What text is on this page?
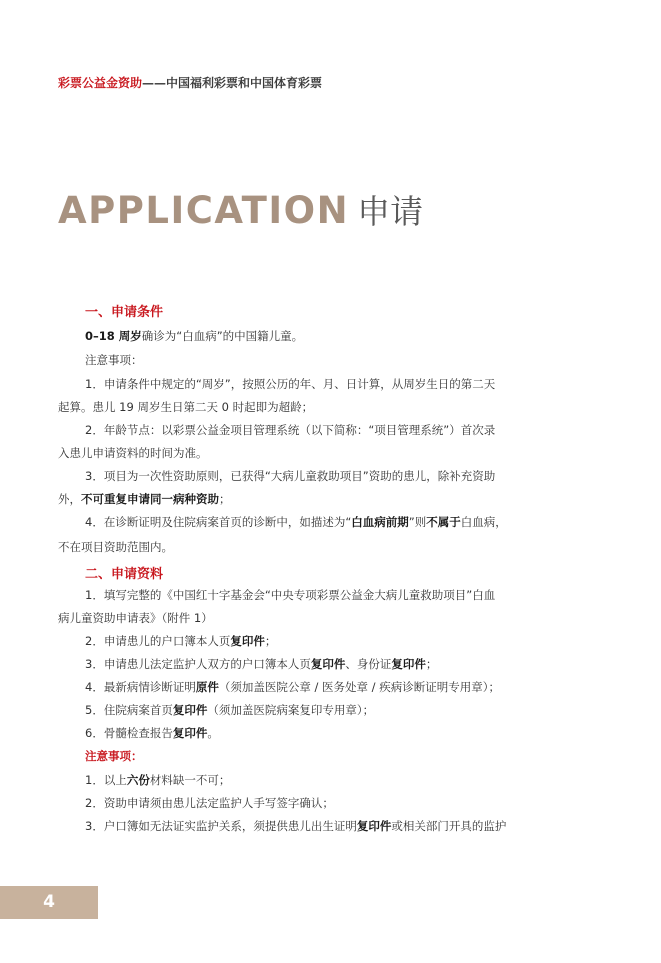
彩票公益金资助——中国福利彩票和中国体育彩票
APPLICATION 申请
一、申请条件
0–18 周岁确诊为“白血病”的中国籍儿童。
注意事项：
1．申请条件中规定的“周岁”，按照公历的年、月、日计算，从周岁生日的第二天
起算。患儿 19 周岁生日第二天 0 时起即为超龄；
2．年龄节点：以彩票公益金项目管理系统（以下简称：“项目管理系统”）首次录
入患儿申请资料的时间为准。
3．项目为一次性资助原则，已获得“大病儿童救助项目”资助的患儿，除补充资助
外，不可重复申请同一病种资助；
4．在诊断证明及住院病案首页的诊断中，如描述为“白血病前期”则不属于白血病，
不在项目资助范围内。
二、申请资料
1．填写完整的《中国红十字基金会“中央专项彩票公益金大病儿童救助项目”白血
病儿童资助申请表》（附件 1）
2．申请患儿的户口簿本人页复印件；
3．申请患儿法定监护人双方的户口簿本人页复印件、身份证复印件；
4．最新病情诊断证明原件（须加盖医院公章 / 医务处章 / 疾病诊断证明专用章）；
5．住院病案首页复印件（须加盖医院病案复印专用章）；
6．骨髓检查报告复印件。
注意事项：
1．以上六份材料缺一不可；
2．资助申请须由患儿法定监护人手写签字确认；
3．户口簿如无法证实监护关系，须提供患儿出生证明复印件或相关部门开具的监护
4
